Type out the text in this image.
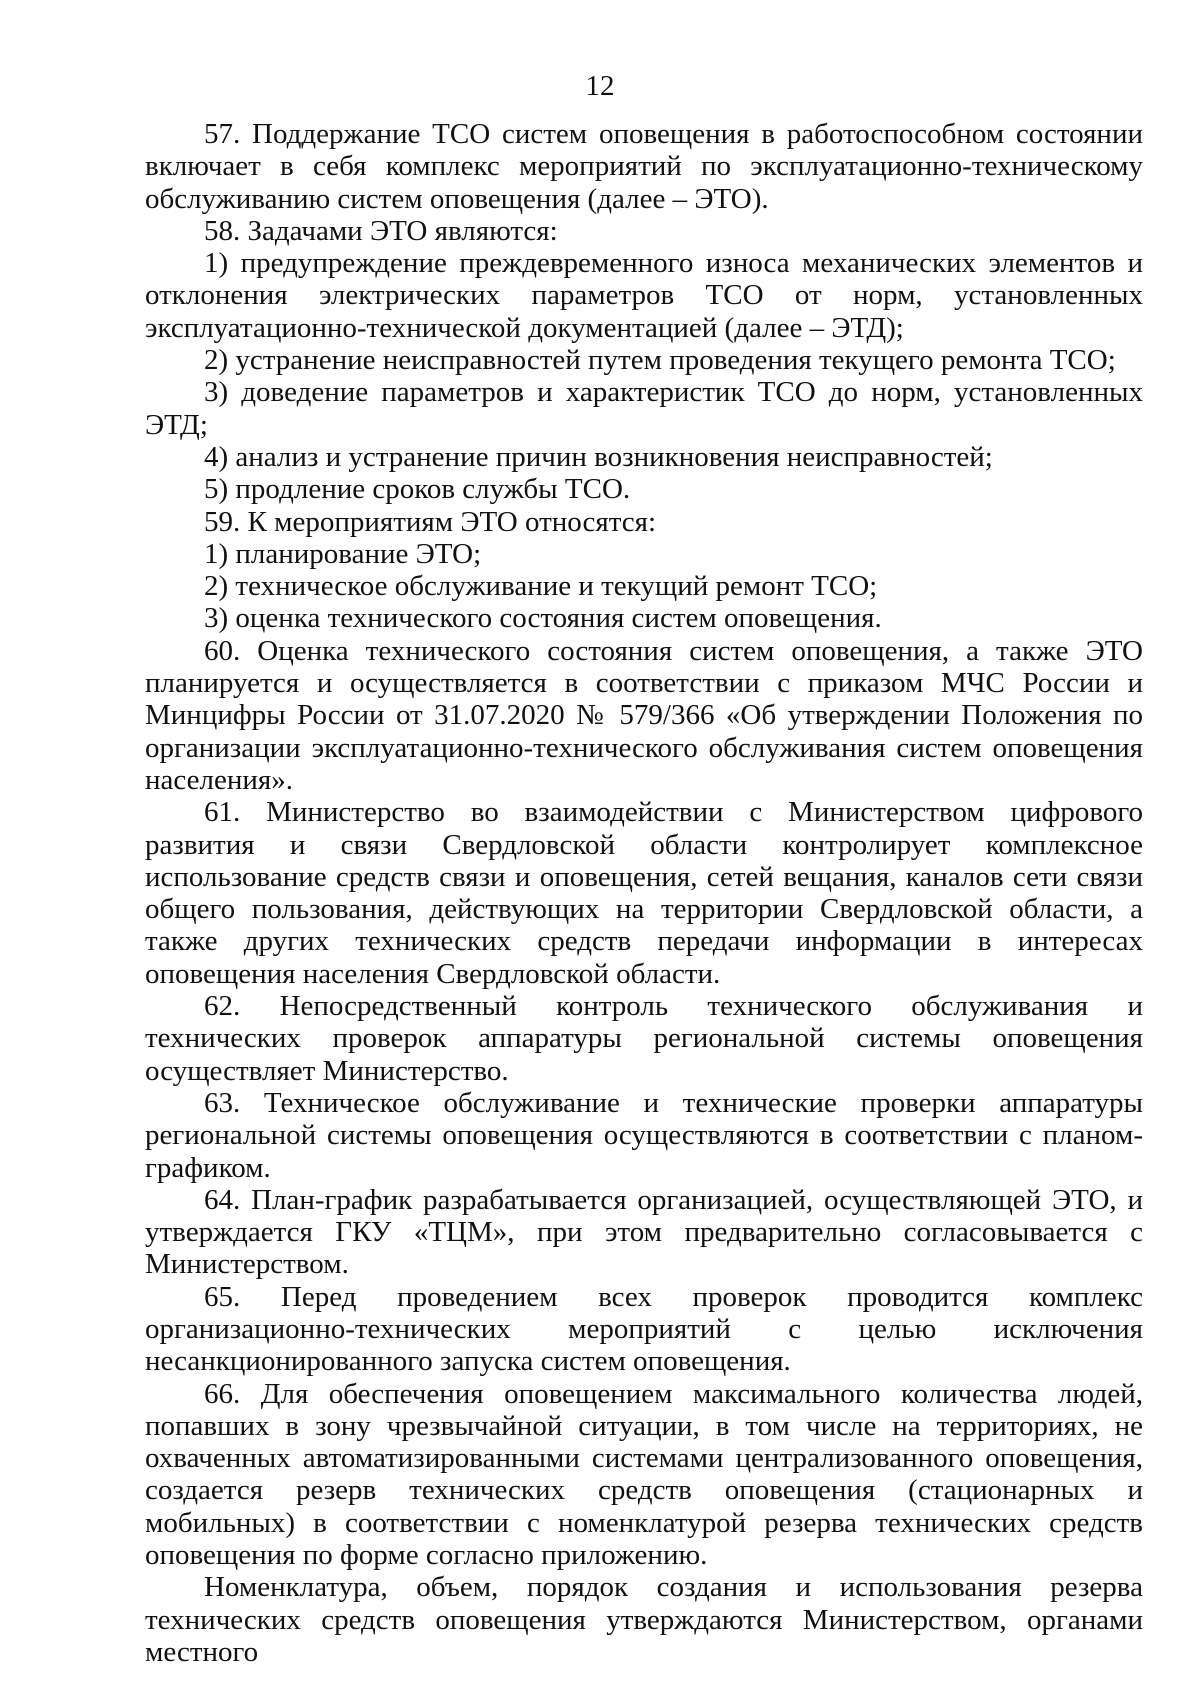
12

57. Поддержание ТСО систем оповещения в работоспособном состоянии включает в себя комплекс мероприятий по эксплуатационно-техническому обслуживанию систем оповещения (далее – ЭТО).

58. Задачами ЭТО являются:

1) предупреждение преждевременного износа механических элементов и отклонения электрических параметров ТСО от норм, установленных эксплуатационно-технической документацией (далее – ЭТД);

2) устранение неисправностей путем проведения текущего ремонта ТСО;

3) доведение параметров и характеристик ТСО до норм, установленных ЭТД;

4) анализ и устранение причин возникновения неисправностей;

5) продление сроков службы ТСО.

59. К мероприятиям ЭТО относятся:

1) планирование ЭТО;

2) техническое обслуживание и текущий ремонт ТСО;

3) оценка технического состояния систем оповещения.

60. Оценка технического состояния систем оповещения, а также ЭТО планируется и осуществляется в соответствии с приказом МЧС России и Минцифры России от 31.07.2020 № 579/366 «Об утверждении Положения по организации эксплуатационно-технического обслуживания систем оповещения населения».

61. Министерство во взаимодействии с Министерством цифрового развития и связи Свердловской области контролирует комплексное использование средств связи и оповещения, сетей вещания, каналов сети связи общего пользования, действующих на территории Свердловской области, а также других технических средств передачи информации в интересах оповещения населения Свердловской области.

62. Непосредственный контроль технического обслуживания и технических проверок аппаратуры региональной системы оповещения осуществляет Министерство.

63. Техническое обслуживание и технические проверки аппаратуры региональной системы оповещения осуществляются в соответствии с планом-графиком.

64. План-график разрабатывается организацией, осуществляющей ЭТО, и утверждается ГКУ «ТЦМ», при этом предварительно согласовывается с Министерством.

65. Перед проведением всех проверок проводится комплекс организационно-технических мероприятий с целью исключения несанкционированного запуска систем оповещения.

66. Для обеспечения оповещением максимального количества людей, попавших в зону чрезвычайной ситуации, в том числе на территориях, не охваченных автоматизированными системами централизованного оповещения, создается резерв технических средств оповещения (стационарных и мобильных) в соответствии с номенклатурой резерва технических средств оповещения по форме согласно приложению.

Номенклатура, объем, порядок создания и использования резерва технических средств оповещения утверждаются Министерством, органами местного
